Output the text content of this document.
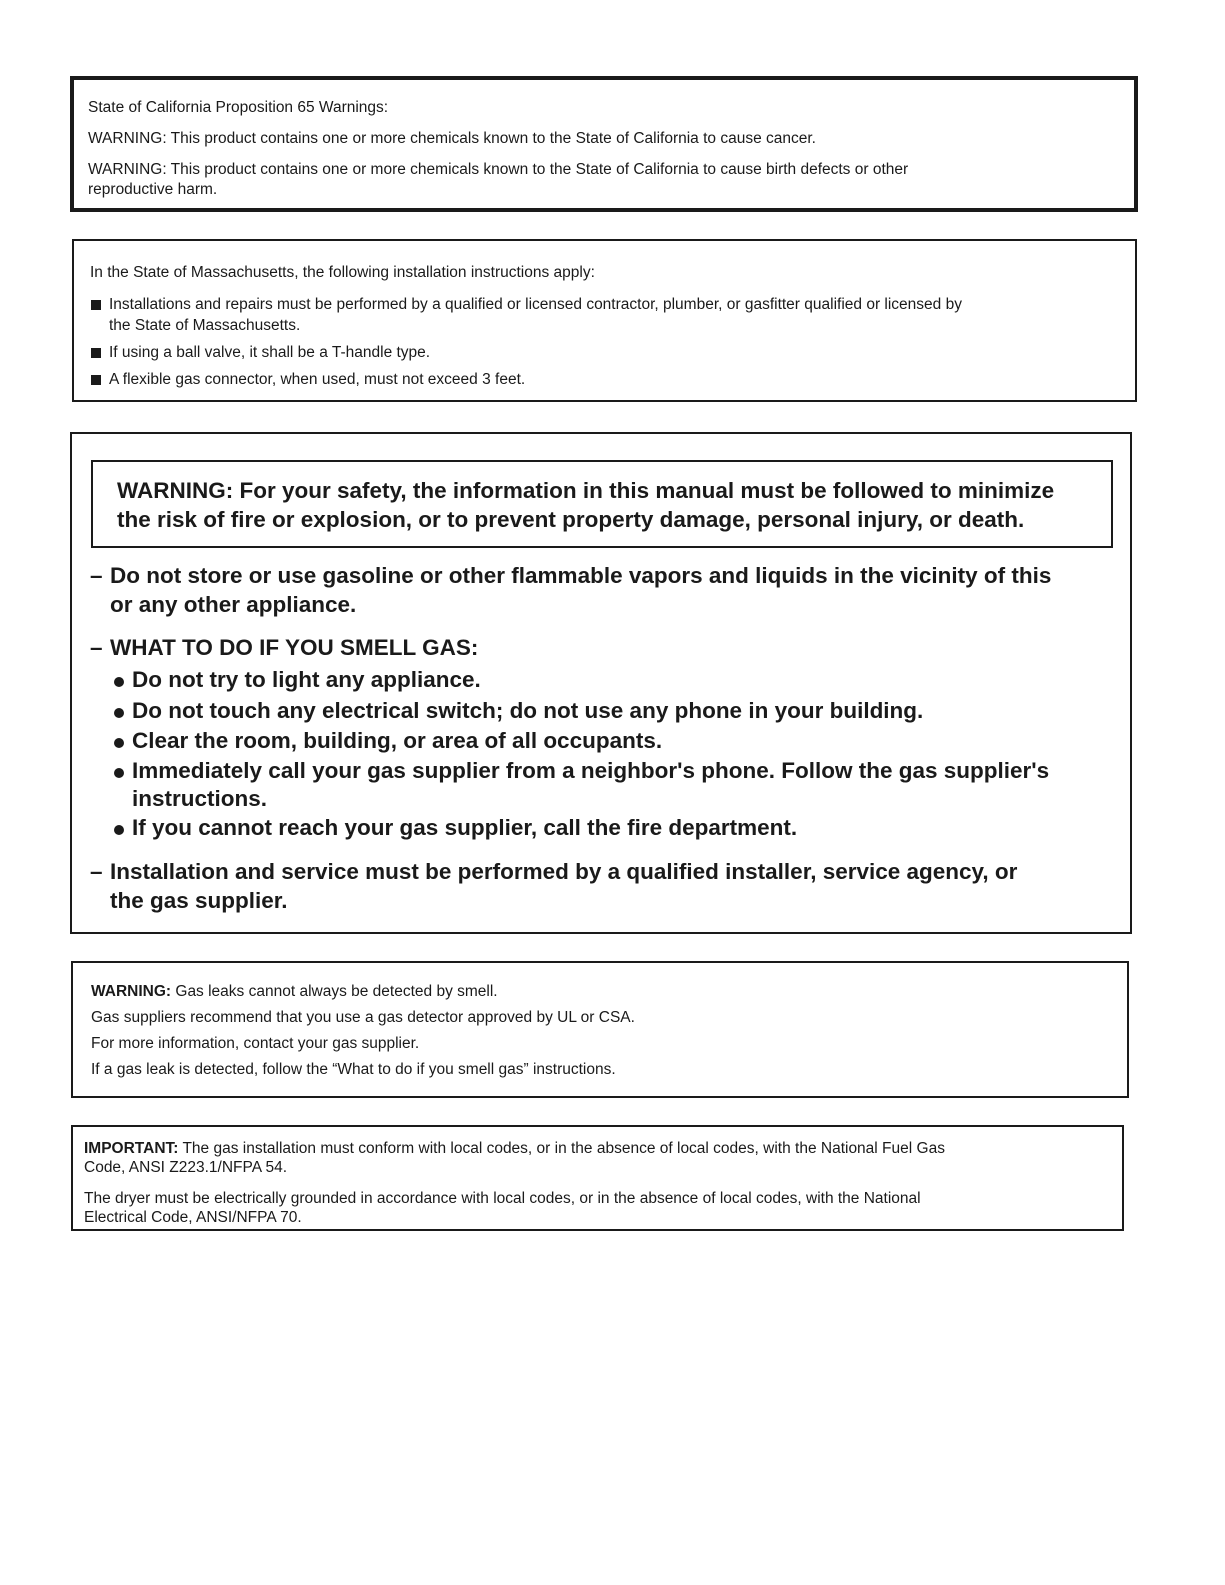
State of California Proposition 65 Warnings:

WARNING: This product contains one or more chemicals known to the State of California to cause cancer.

WARNING: This product contains one or more chemicals known to the State of California to cause birth defects or other
reproductive harm.

In the State of Massachusetts, the following installation instructions apply:

Installations and repairs must be performed by a qualified or licensed contractor, plumber, or gasfitter qualified or licensed by
the State of Massachusetts.
If using a ball valve, it shall be a T-handle type.
A flexible gas connector, when used, must not exceed 3 feet.

WARNING: For your safety, the information in this manual must be followed to minimize
the risk of fire or explosion, or to prevent property damage, personal injury, or death.

– Do not store or use gasoline or other flammable vapors and liquids in the vicinity of this
or any other appliance.
– WHAT TO DO IF YOU SMELL GAS:
Do not try to light any appliance.
Do not touch any electrical switch; do not use any phone in your building.
Clear the room, building, or area of all occupants.
Immediately call your gas supplier from a neighbor's phone. Follow the gas supplier's
instructions.
If you cannot reach your gas supplier, call the fire department.
– Installation and service must be performed by a qualified installer, service agency, or
the gas supplier.

WARNING: Gas leaks cannot always be detected by smell.

Gas suppliers recommend that you use a gas detector approved by UL or CSA.

For more information, contact your gas supplier.

If a gas leak is detected, follow the “What to do if you smell gas” instructions.

IMPORTANT: The gas installation must conform with local codes, or in the absence of local codes, with the National Fuel Gas
Code, ANSI Z223.1/NFPA 54.

The dryer must be electrically grounded in accordance with local codes, or in the absence of local codes, with the National
Electrical Code, ANSI/NFPA 70.
